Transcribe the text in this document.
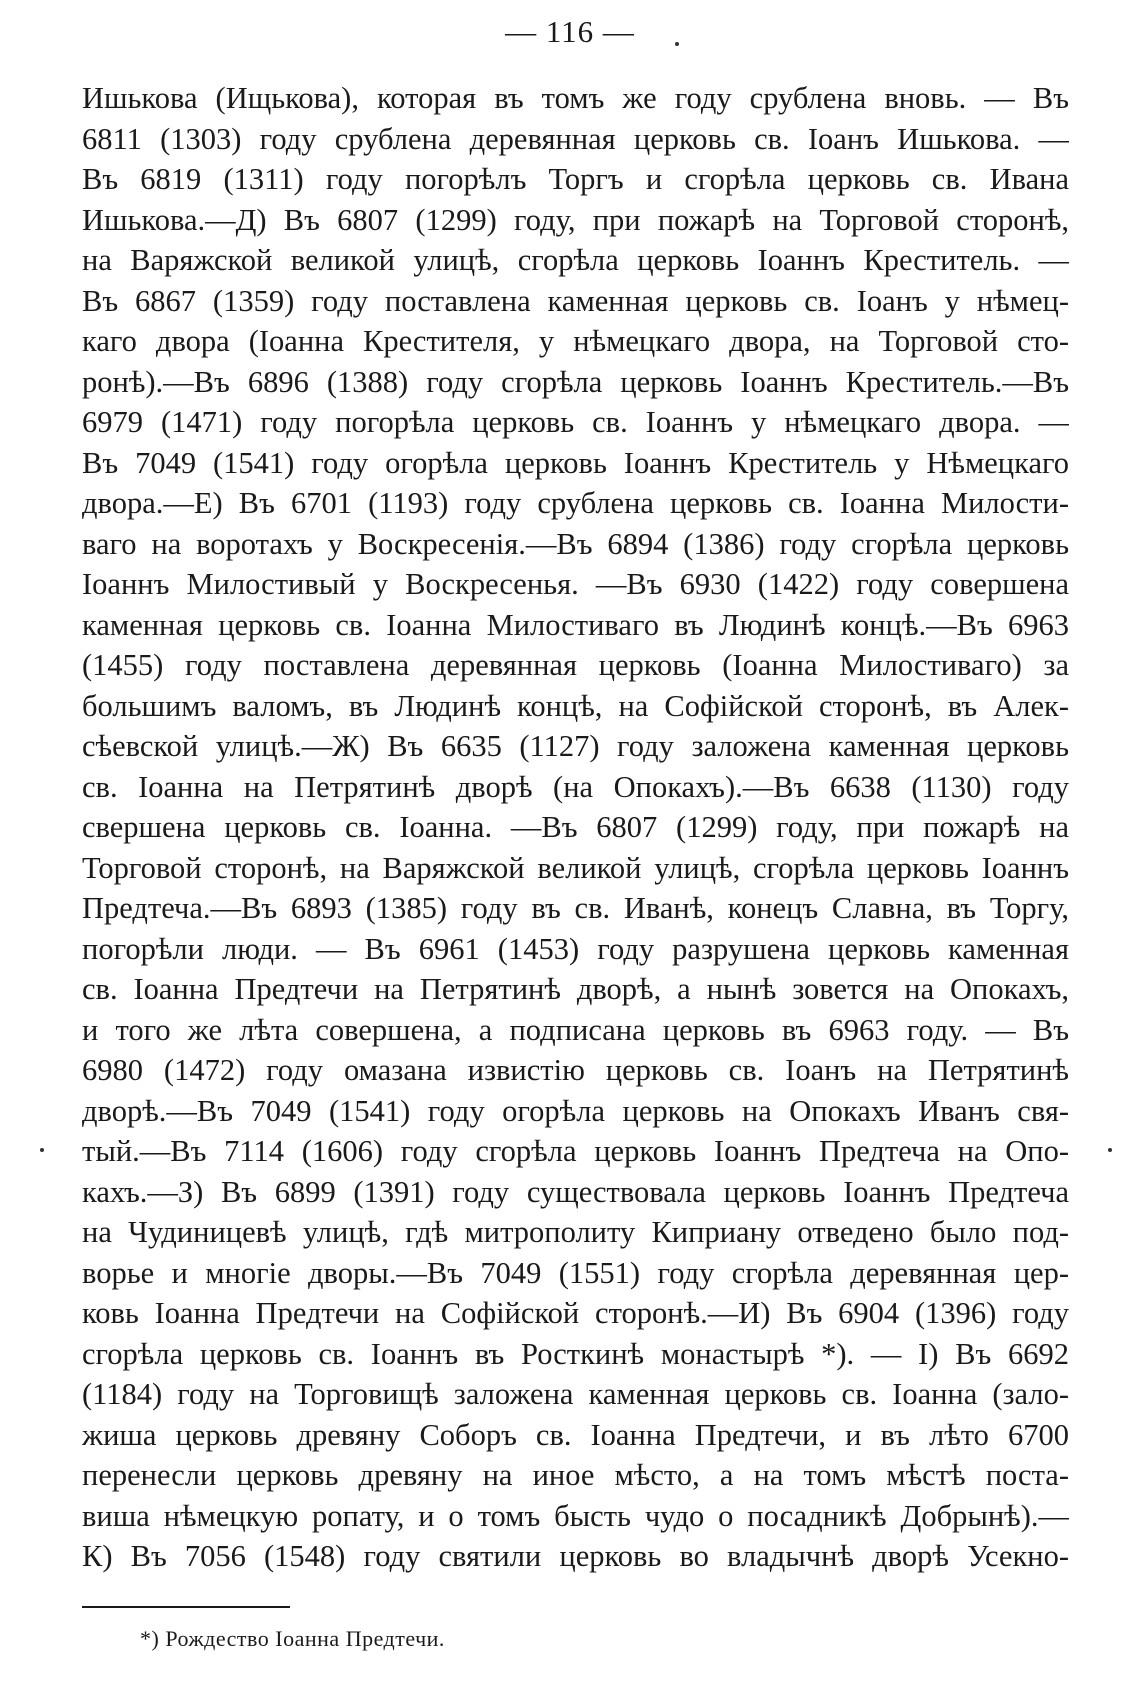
— 116 —
Ишькова (Ищькова), которая въ томъ же году срублена вновь. — Въ
6811 (1303) году срублена деревянная церковь св. Іоанъ Ишькова. —
Въ 6819 (1311) году погорѣлъ Торгъ и сгорѣла церковь св. Ивана
Ишькова.—Д) Въ 6807 (1299) году, при пожарѣ на Торговой сторонѣ,
на Варяжской великой улицѣ, сгорѣла церковь Іоаннъ Креститель. —
Въ 6867 (1359) году поставлена каменная церковь св. Іоанъ у нѣмец-
каго двора (Іоанна Крестителя, у нѣмецкаго двора, на Торговой сто-
ронѣ).—Въ 6896 (1388) году сгорѣла церковь Іоаннъ Креститель.—Въ
6979 (1471) году погорѣла церковь св. Іоаннъ у нѣмецкаго двора. —
Въ 7049 (1541) году огорѣла церковь Іоаннъ Креститель у Нѣмецкаго
двора.—Е) Въ 6701 (1193) году срублена церковь св. Іоанна Милости-
ваго на воротахъ у Воскресенія.—Въ 6894 (1386) году сгорѣла церковь
Іоаннъ Милостивый у Воскресенья. —Въ 6930 (1422) году совершена
каменная церковь св. Іоанна Милостиваго въ Людинѣ концѣ.—Въ 6963
(1455) году поставлена деревянная церковь (Іоанна Милостиваго) за
большимъ валомъ, въ Людинѣ концѣ, на Софійской сторонѣ, въ Алек-
сѣевской улицѣ.—Ж) Въ 6635 (1127) году заложена каменная церковь
св. Іоанна на Петрятинѣ дворѣ (на Опокахъ).—Въ 6638 (1130) году
свершена церковь св. Іоанна. —Въ 6807 (1299) году, при пожарѣ на
Торговой сторонѣ, на Варяжской великой улицѣ, сгорѣла церковь Іоаннъ
Предтеча.—Въ 6893 (1385) году въ св. Иванѣ, конецъ Славна, въ Торгу,
погорѣли люди. — Въ 6961 (1453) году разрушена церковь каменная
св. Іоанна Предтечи на Петрятинѣ дворѣ, а нынѣ зовется на Опокахъ,
и того же лѣта совершена, а подписана церковь въ 6963 году. — Въ
6980 (1472) году омазана извистію церковь св. Іоанъ на Петрятинѣ
дворѣ.—Въ 7049 (1541) году огорѣла церковь на Опокахъ Иванъ свя-
тый.—Въ 7114 (1606) году сгорѣла церковь Іоаннъ Предтеча на Опо-
кахъ.—З) Въ 6899 (1391) году существовала церковь Іоаннъ Предтеча
на Чудиницевѣ улицѣ, гдѣ митрополиту Киприану отведено было под-
ворье и многіе дворы.—Въ 7049 (1551) году сгорѣла деревянная цер-
ковь Іоанна Предтечи на Софійской сторонѣ.—И) Въ 6904 (1396) году
сгорѣла церковь св. Іоаннъ въ Росткинѣ монастырѣ *). — І) Въ 6692
(1184) году на Торговищѣ заложена каменная церковь св. Іоанна (зало-
жиша церковь древяну Соборъ св. Іоанна Предтечи, и въ лѣто 6700
перенесли церковь древяну на иное мѣсто, а на томъ мѣстѣ поста-
виша нѣмецкую ропату, и о томъ бысть чудо о посадникѣ Добрынѣ).—
К) Въ 7056 (1548) году святили церковь во владычнѣ дворѣ Усекно-
*) Рождество Іоанна Предтечи.
